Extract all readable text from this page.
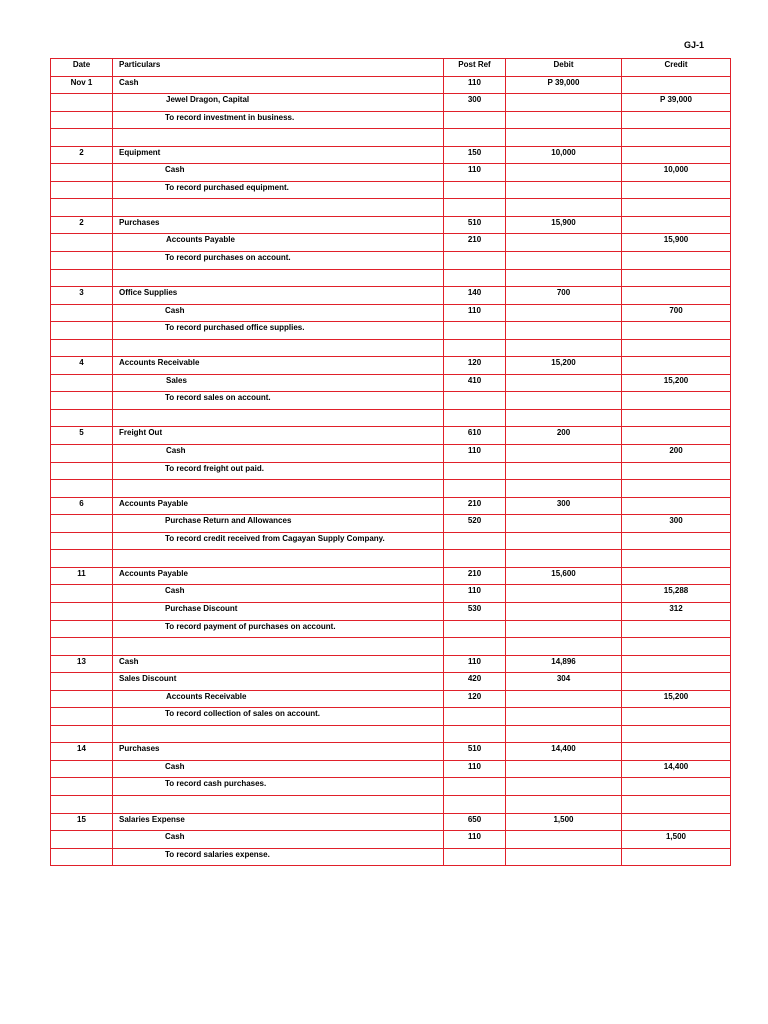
GJ-1
Date	Particulars	Post Ref	Debit	Credit
Nov 1	Cash	110	P 39,000	
	Jewel Dragon, Capital	300		P 39,000
	To record investment in business.			

2	Equipment	150	10,000	
	Cash	110		10,000
	To record purchased equipment.			

2	Purchases	510	15,900	
	Accounts Payable	210		15,900
	To record purchases on account.			

3	Office Supplies	140	700	
	Cash	110		700
	To record purchased office supplies.			

4	Accounts Receivable	120	15,200	
	Sales	410		15,200
	To record sales on account.			

5	Freight Out	610	200	
	Cash	110		200
	To record freight out paid.			

6	Accounts Payable	210	300	
	Purchase Return and Allowances	520		300
	To record credit received from Cagayan Supply Company.			

11	Accounts Payable	210	15,600	
	Cash	110		15,288
	Purchase Discount	530		312
	To record payment of purchases on account.			

13	Cash	110	14,896	
	Sales Discount	420	304	
	Accounts Receivable	120		15,200
	To record collection of sales on account.			

14	Purchases	510	14,400	
	Cash	110		14,400
	To record cash purchases.			

15	Salaries Expense	650	1,500	
	Cash	110		1,500
	To record salaries expense.			
